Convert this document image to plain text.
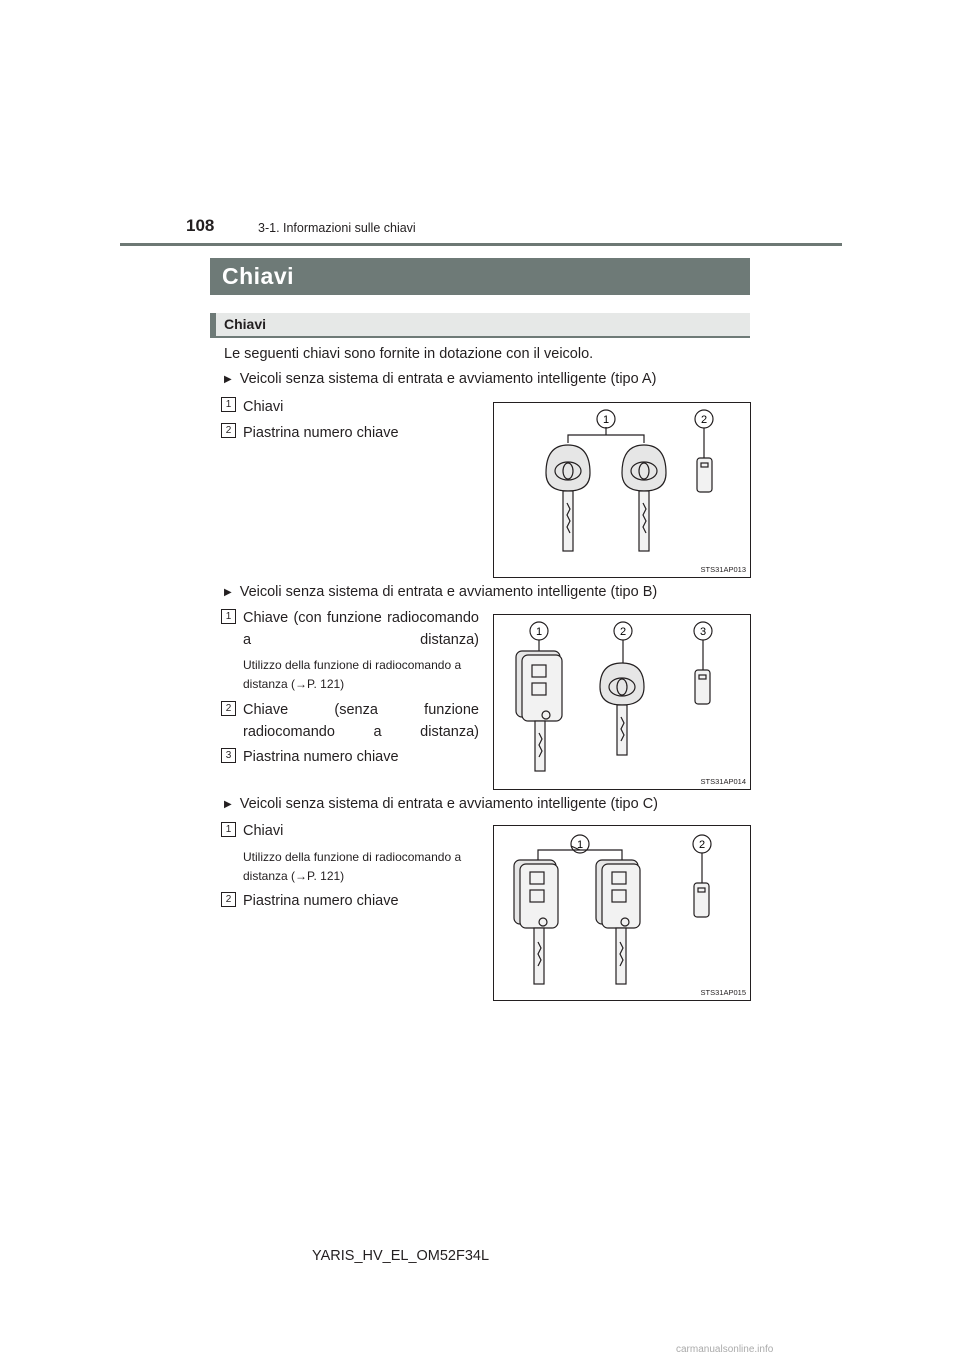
108	3-1. Informazioni sulle chiavi
Chiavi
Chiavi
Le seguenti chiavi sono fornite in dotazione con il veicolo.
▶ Veicoli senza sistema di entrata e avviamento intelligente (tipo A)
1 Chiavi
2 Piastrina numero chiave
1	2
STS31AP013
▶ Veicoli senza sistema di entrata e avviamento intelligente (tipo B)
1 Chiave (con funzione radiocomando a distanza)
Utilizzo della funzione di radiocomando a distanza (→P. 121)
2 Chiave (senza funzione radiocomando a distanza)
3 Piastrina numero chiave
1	2	3
STS31AP014
▶ Veicoli senza sistema di entrata e avviamento intelligente (tipo C)
1 Chiavi
Utilizzo della funzione di radiocomando a distanza (→P. 121)
2 Piastrina numero chiave
1	2
STS31AP015
YARIS_HV_EL_OM52F34L
carmanualsonline.info
